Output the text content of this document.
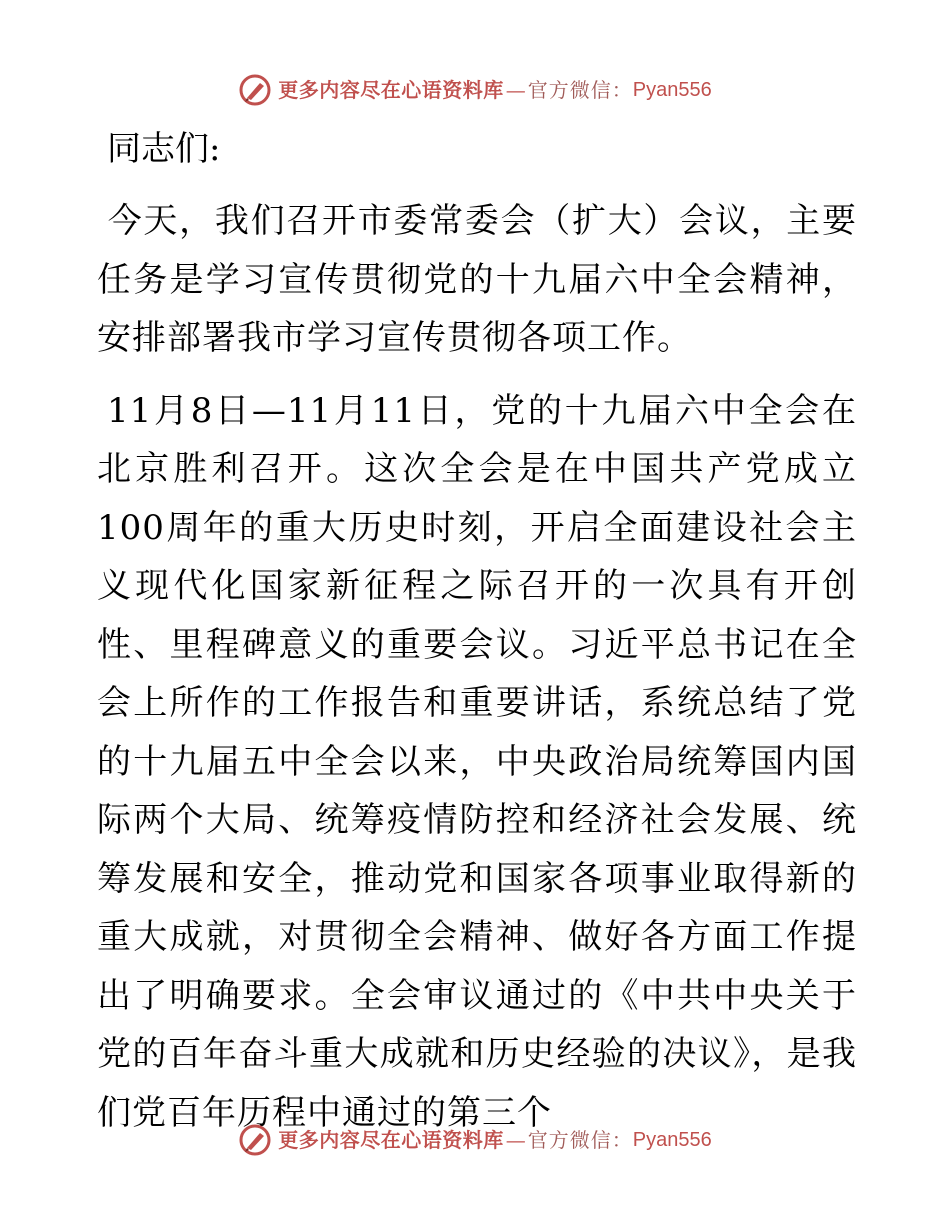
更多内容尽在心语资料库 — 官方微信： Pyan556
同志们:

今天，我们召开市委常委会（扩大）会议，主要任务是学习宣传贯彻党的十九届六中全会精神，安排部署我市学习宣传贯彻各项工作。

11月8日—11月11日，党的十九届六中全会在北京胜利召开。这次全会是在中国共产党成立100周年的重大历史时刻，开启全面建设社会主义现代化国家新征程之际召开的一次具有开创性、里程碑意义的重要会议。习近平总书记在全会上所作的工作报告和重要讲话，系统总结了党的十九届五中全会以来，中央政治局统筹国内国际两个大局、统筹疫情防控和经济社会发展、统筹发展和安全，推动党和国家各项事业取得新的重大成就，对贯彻全会精神、做好各方面工作提出了明确要求。全会审议通过的《中共中央关于党的百年奋斗重大成就和历史经验的决议》，是我们党百年历程中通过的第三个

更多内容尽在心语资料库 — 官方微信： Pyan556
